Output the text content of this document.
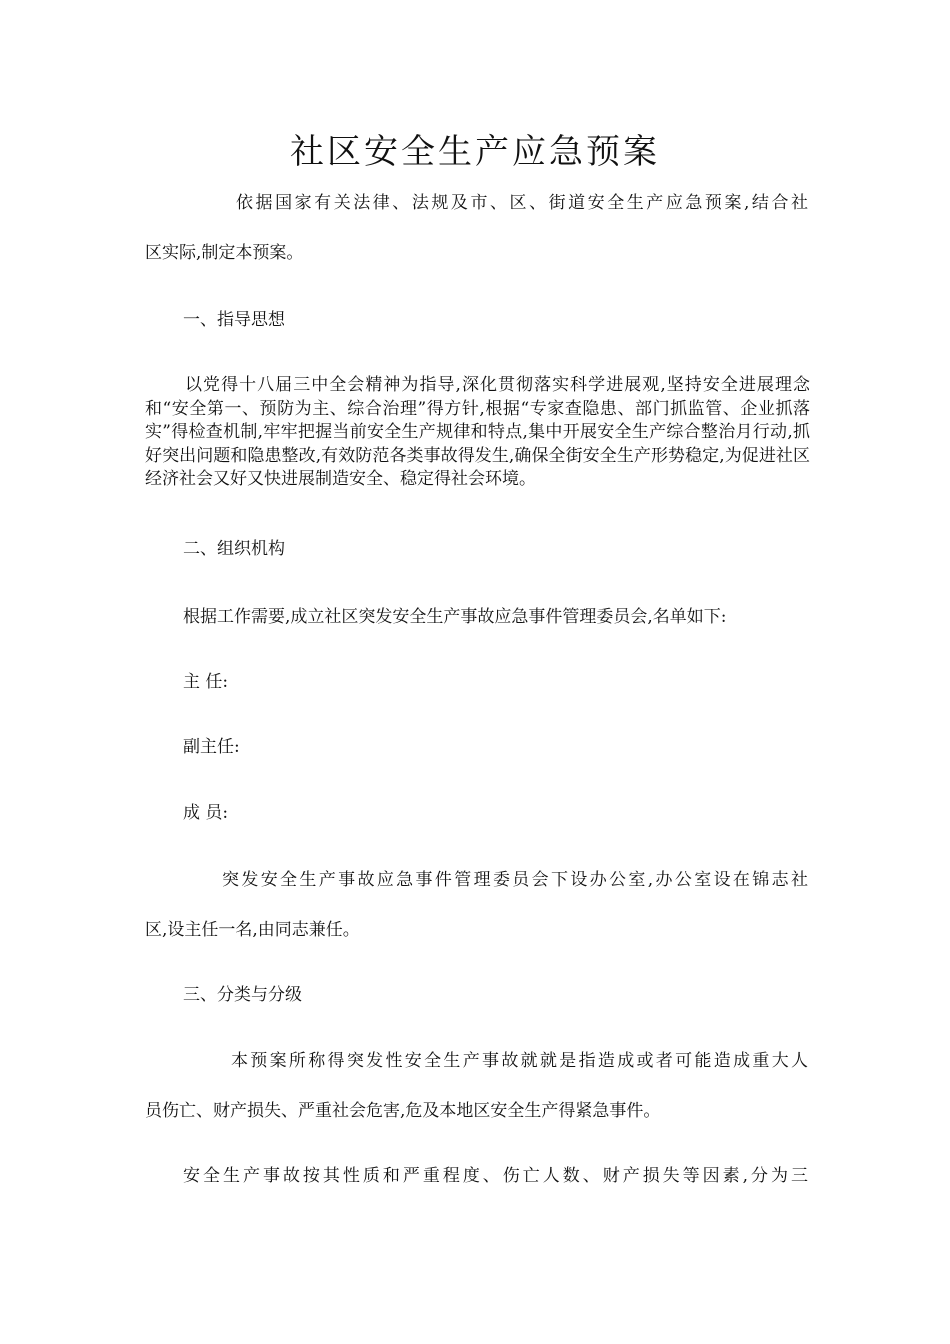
社区安全生产应急预案
依据国家有关法律、法规及市、区、街道安全生产应急预案,结合社
区实际,制定本预案。
一、指导思想
以党得十八届三中全会精神为指导,深化贯彻落实科学进展观,坚持安全进展理念和“安全第一、预防为主、综合治理”得方针,根据“专家查隐患、部门抓监管、企业抓落实”得检查机制,牢牢把握当前安全生产规律和特点,集中开展安全生产综合整治月行动,抓好突出问题和隐患整改,有效防范各类事故得发生,确保全街安全生产形势稳定,为促进社区经济社会又好又快进展制造安全、稳定得社会环境。
二、组织机构
根据工作需要,成立社区突发安全生产事故应急事件管理委员会,名单如下:
主 任:
副主任:
成 员:
突发安全生产事故应急事件管理委员会下设办公室,办公室设在锦志社
区,设主任一名,由同志兼任。
三、分类与分级
本预案所称得突发性安全生产事故就就是指造成或者可能造成重大人
员伤亡、财产损失、严重社会危害,危及本地区安全生产得紧急事件。
安全生产事故按其性质和严重程度、伤亡人数、财产损失等因素,分为三
